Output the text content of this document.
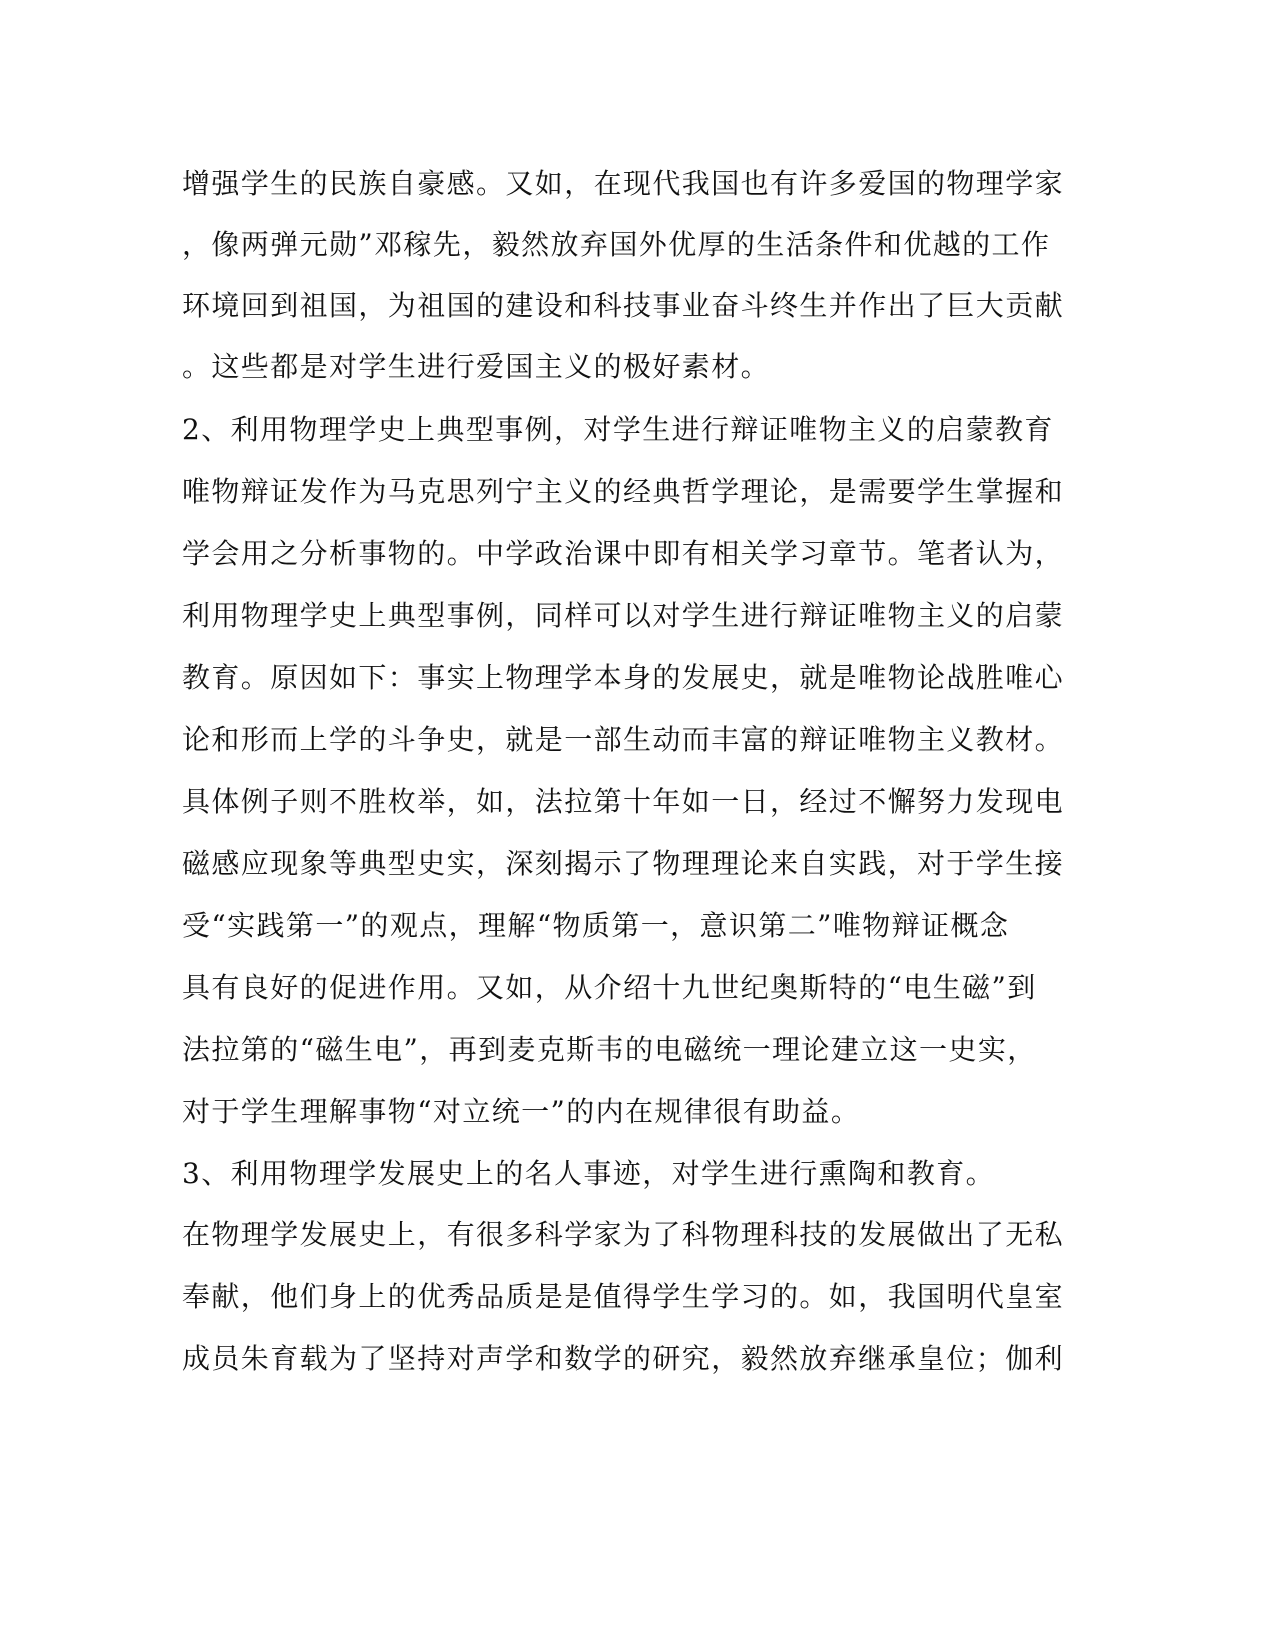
增强学生的民族自豪感。又如，在现代我国也有许多爱国的物理学家
，像两弹元勋”邓稼先，毅然放弃国外优厚的生活条件和优越的工作
环境回到祖国，为祖国的建设和科技事业奋斗终生并作出了巨大贡献
。这些都是对学生进行爱国主义的极好素材。
2、利用物理学史上典型事例，对学生进行辩证唯物主义的启蒙教育
唯物辩证发作为马克思列宁主义的经典哲学理论，是需要学生掌握和
学会用之分析事物的。中学政治课中即有相关学习章节。笔者认为，
利用物理学史上典型事例，同样可以对学生进行辩证唯物主义的启蒙
教育。原因如下：事实上物理学本身的发展史，就是唯物论战胜唯心
论和形而上学的斗争史，就是一部生动而丰富的辩证唯物主义教材。
具体例子则不胜枚举，如，法拉第十年如一日，经过不懈努力发现电
磁感应现象等典型史实，深刻揭示了物理理论来自实践，对于学生接
受“实践第一”的观点，理解“物质第一，意识第二”唯物辩证概念
具有良好的促进作用。又如，从介绍十九世纪奥斯特的“电生磁”到
法拉第的“磁生电”，再到麦克斯韦的电磁统一理论建立这一史实，
对于学生理解事物“对立统一”的内在规律很有助益。
3、利用物理学发展史上的名人事迹，对学生进行熏陶和教育。
在物理学发展史上，有很多科学家为了科物理科技的发展做出了无私
奉献，他们身上的优秀品质是是值得学生学习的。如，我国明代皇室
成员朱育载为了坚持对声学和数学的研究，毅然放弃继承皇位；伽利
